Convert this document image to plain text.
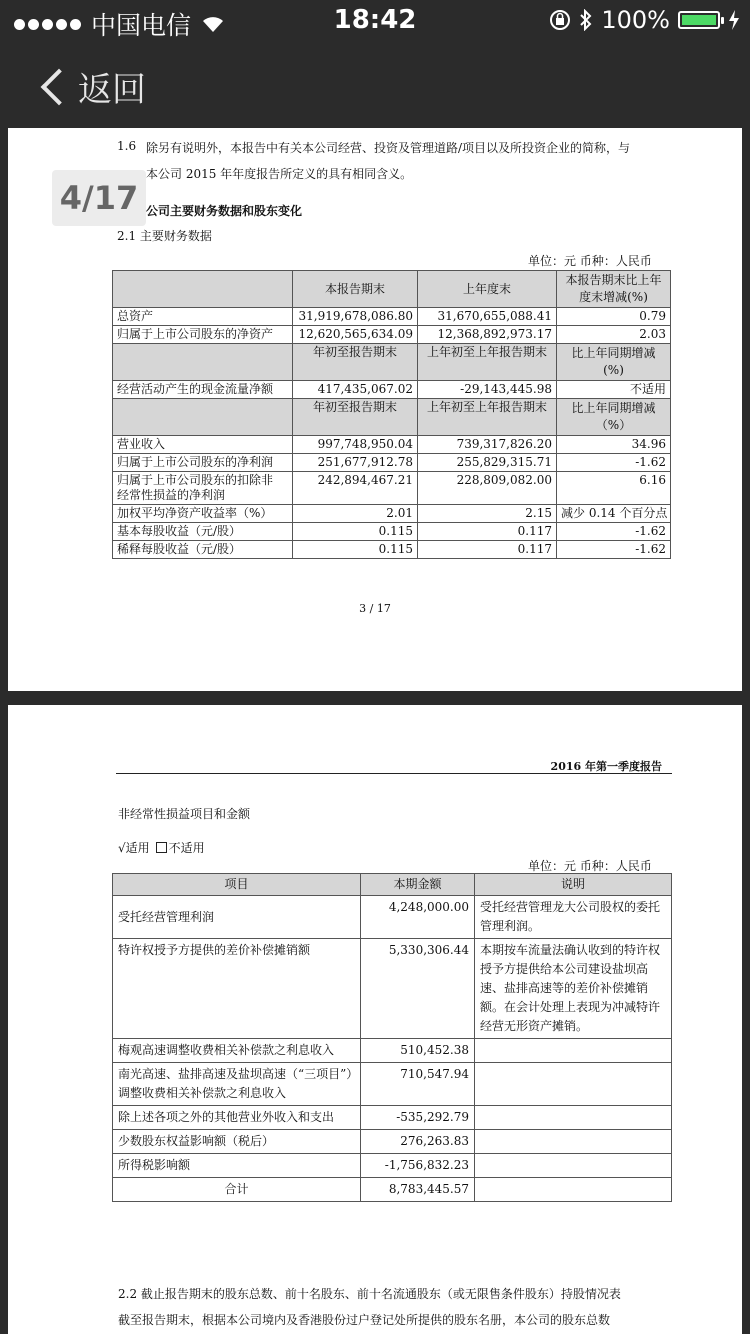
中国电信	18:42	100%
返回
1.6 除另有说明外，本报告中有关本公司经营、投资及管理道路/项目以及所投资企业的简称，与
本公司 2015 年年度报告所定义的具有相同含义。
公司主要财务数据和股东变化
2.1 主要财务数据
单位：元 币种：人民币
	本报告期末	上年度末	本报告期末比上年
度末增减(%)
总资产	31,919,678,086.80	31,670,655,088.41	0.79
归属于上市公司股东的净资产	12,620,565,634.09	12,368,892,973.17	2.03
	年初至报告期末	上年初至上年报告期末	比上年同期增减
(%)
经营活动产生的现金流量净额	417,435,067.02	-29,143,445.98	不适用
	年初至报告期末	上年初至上年报告期末	比上年同期增减
（%）
营业收入	997,748,950.04	739,317,826.20	34.96
归属于上市公司股东的净利润	251,677,912.78	255,829,315.71	-1.62
归属于上市公司股东的扣除非
经常性损益的净利润	242,894,467.21	228,809,082.00	6.16
加权平均净资产收益率（%）	2.01	2.15	减少 0.14 个百分点
基本每股收益（元/股）	0.115	0.117	-1.62
稀释每股收益（元/股）	0.115	0.117	-1.62
3 / 17
4/17
2016 年第一季度报告
非经常性损益项目和金额
√适用 不适用
单位：元 币种：人民币
项目	本期金额	说明
受托经营管理利润	4,248,000.00	受托经营管理龙大公司股权的委托管理利润。
特许权授予方提供的差价补偿摊销额	5,330,306.44	本期按车流量法确认收到的特许权授予方提供给本公司建设盐坝高速、盐排高速等的差价补偿摊销额。在会计处理上表现为冲减特许经营无形资产摊销。
梅观高速调整收费相关补偿款之利息收入	510,452.38	
南光高速、盐排高速及盐坝高速（“三项目”）调整收费相关补偿款之利息收入	710,547.94	
除上述各项之外的其他营业外收入和支出	-535,292.79	
少数股东权益影响额（税后）	276,263.83	
所得税影响额	-1,756,832.23	
合计	8,783,445.57	
2.2 截止报告期末的股东总数、前十名股东、前十名流通股东（或无限售条件股东）持股情况表
截至报告期末，根据本公司境内及香港股份过户登记处所提供的股东名册，本公司的股东总数
